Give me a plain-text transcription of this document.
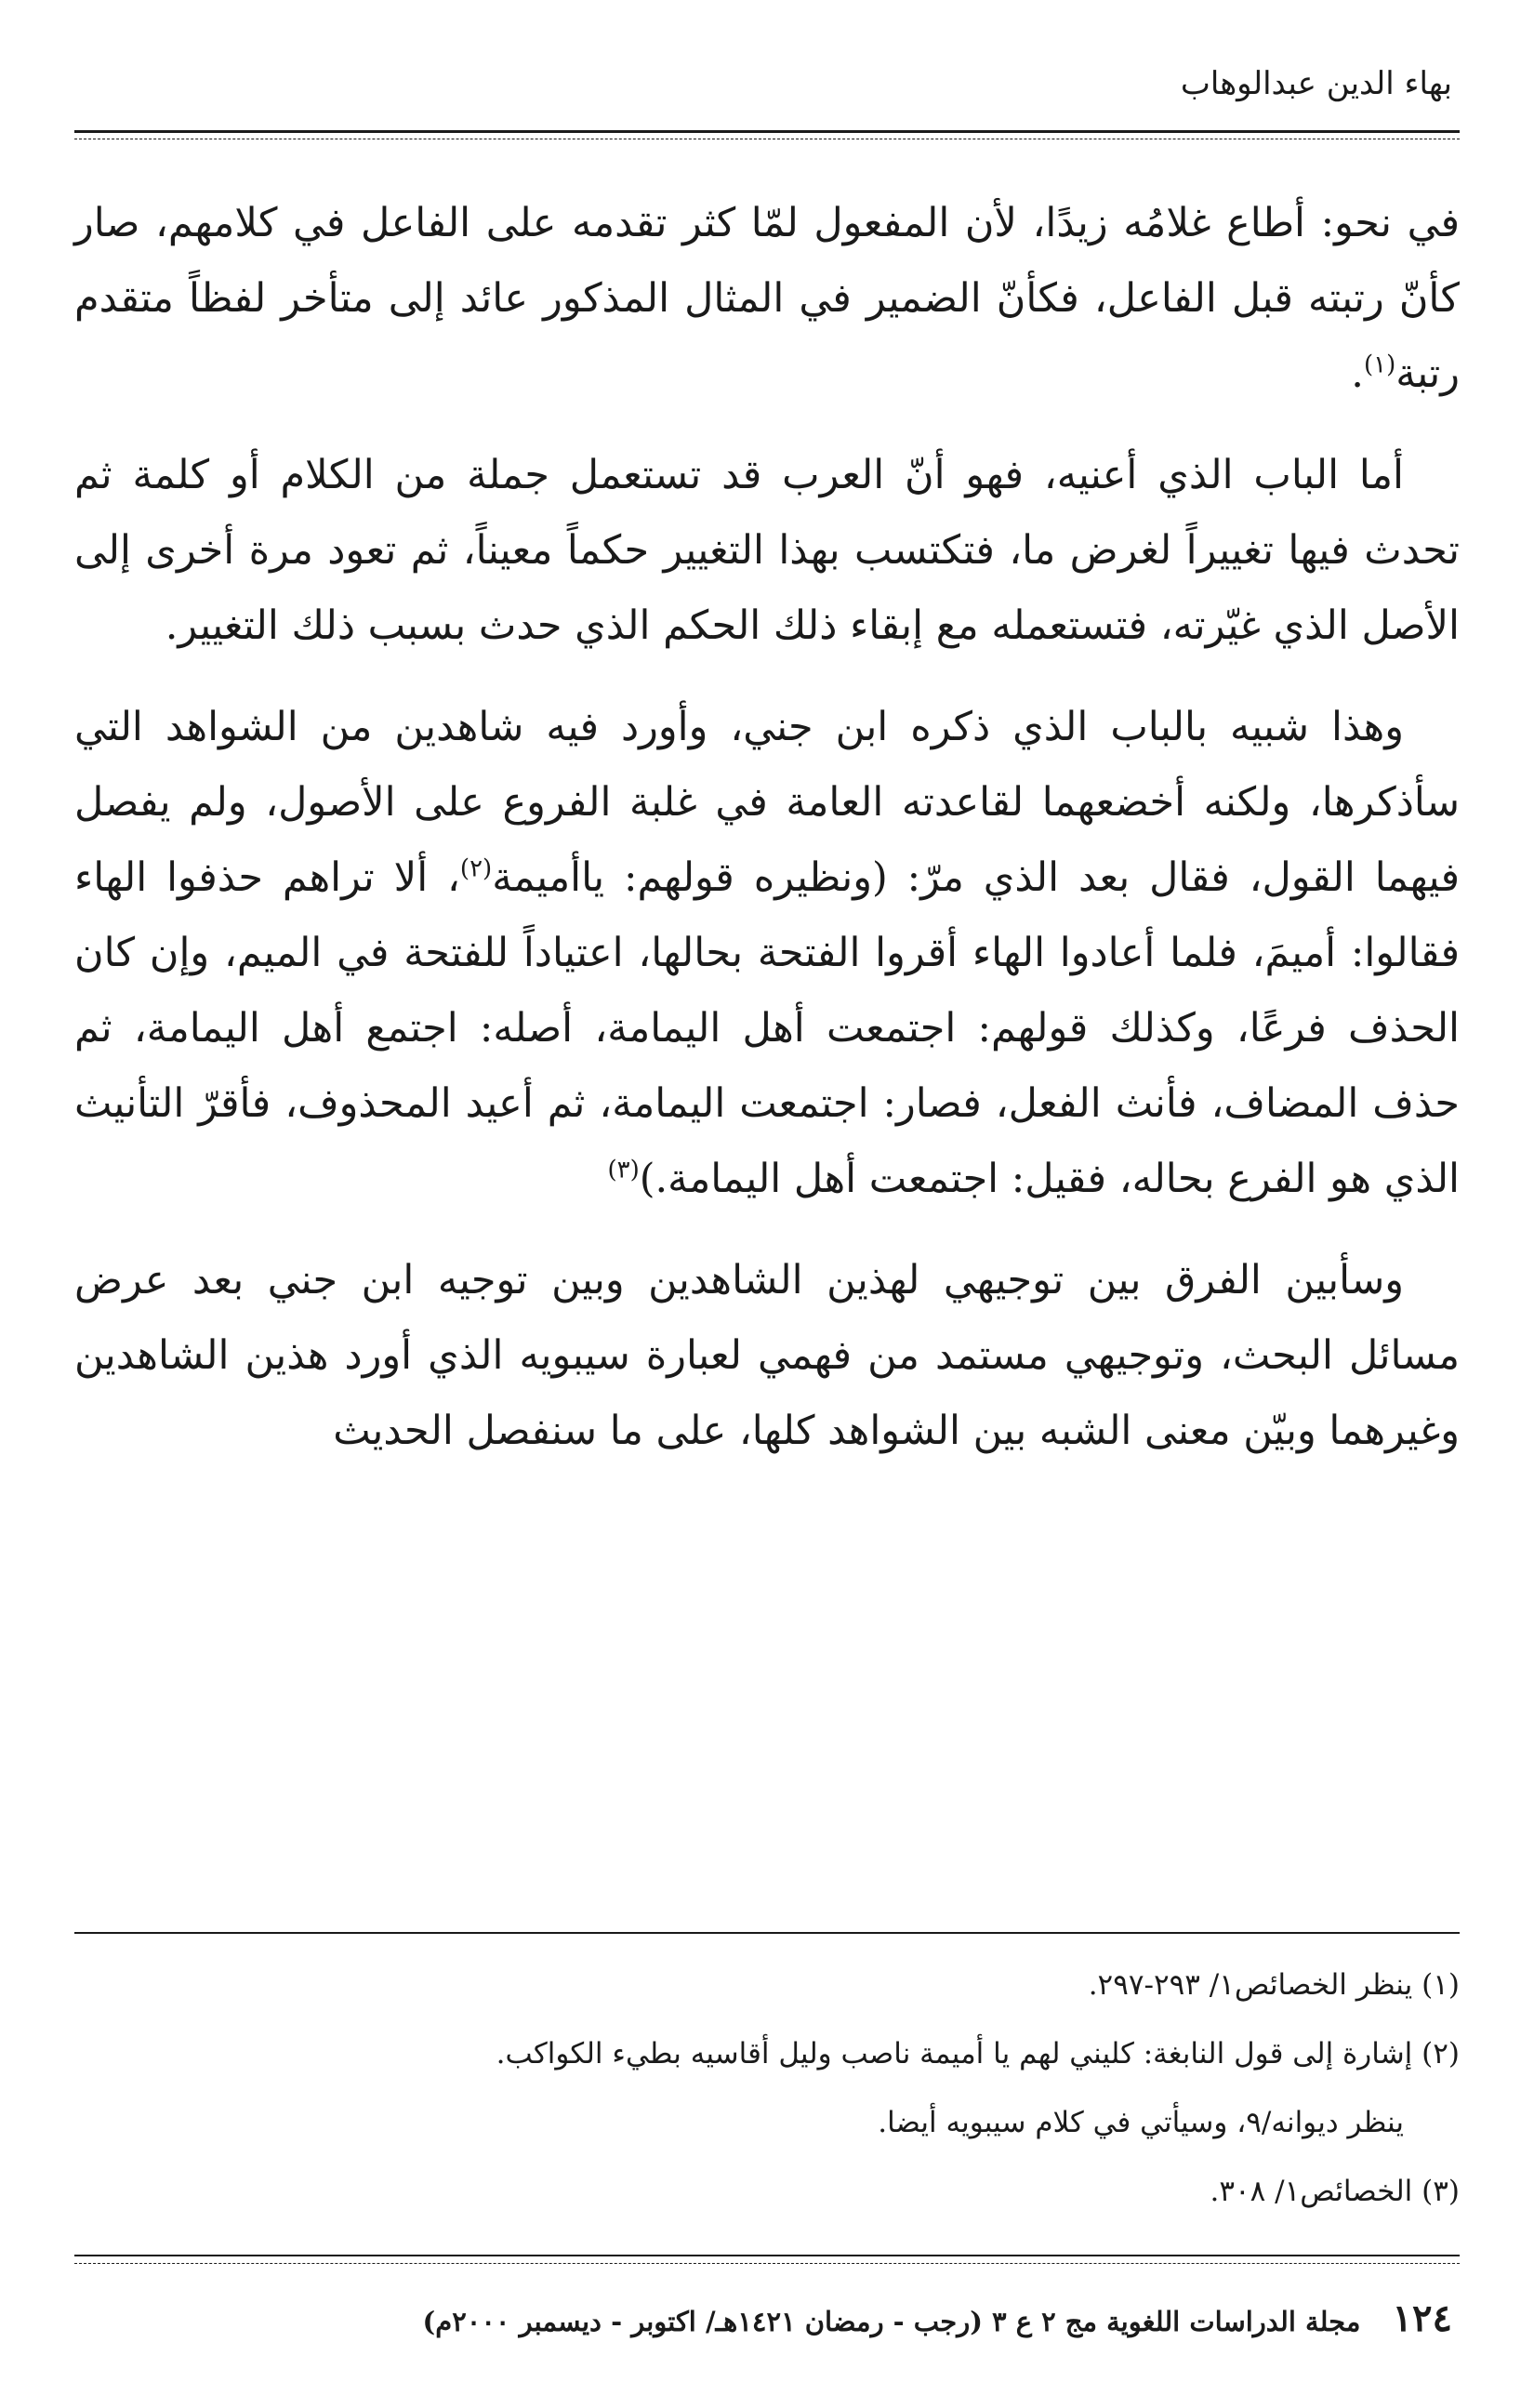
بهاء الدين عبدالوهاب

في نحو: أطاع غلامُه زيدًا، لأن المفعول لمّا كثر تقدمه على الفاعل في كلامهم، صار كأنّ رتبته قبل الفاعل، فكأنّ الضمير في المثال المذكور عائد إلى متأخر لفظاً متقدم رتبة$^{(١)}$.

أما الباب الذي أعنيه، فهو أنّ العرب قد تستعمل جملة من الكلام أو كلمة ثم تحدث فيها تغييراً لغرض ما، فتكتسب بهذا التغيير حكماً معيناً، ثم تعود مرة أخرى إلى الأصل الذي غيّرته، فتستعمله مع إبقاء ذلك الحكم الذي حدث بسبب ذلك التغيير.

وهذا شبيه بالباب الذي ذكره ابن جني، وأورد فيه شاهدين من الشواهد التي سأذكرها، ولكنه أخضعهما لقاعدته العامة في غلبة الفروع على الأصول، ولم يفصل فيهما القول، فقال بعد الذي مرّ: (ونظيره قولهم: ياأميمة$^{(٢)}$، ألا تراهم حذفوا الهاء فقالوا: أميمَ، فلما أعادوا الهاء أقروا الفتحة بحالها، اعتياداً للفتحة في الميم، وإن كان الحذف فرعًا، وكذلك قولهم: اجتمعت أهل اليمامة، أصله: اجتمع أهل اليمامة، ثم حذف المضاف، فأنث الفعل، فصار: اجتمعت اليمامة، ثم أعيد المحذوف، فأقرّ التأنيث الذي هو الفرع بحاله، فقيل: اجتمعت أهل اليمامة.)$^{(٣)}$

وسأبين الفرق بين توجيهي لهذين الشاهدين وبين توجيه ابن جني بعد عرض مسائل البحث، وتوجيهي مستمد من فهمي لعبارة سيبويه الذي أورد هذين الشاهدين وغيرهما وبيّن معنى الشبه بين الشواهد كلها، على ما سنفصل الحديث

(١) ينظر الخصائص١/ ٢٩٣-٢٩٧.

(٢) إشارة إلى قول النابغة: كليني لهم يا أميمة ناصب وليل أقاسيه بطيء الكواكب.

ينظر ديوانه/٩، وسيأتي في كلام سيبويه أيضا.

(٣) الخصائص١/ ٣٠٨.

١٢٤ مجلة الدراسات اللغوية مج ٢ ع ٣ (رجب - رمضان ١٤٢١هـ/ اكتوبر - ديسمبر ٢٠٠٠م)
